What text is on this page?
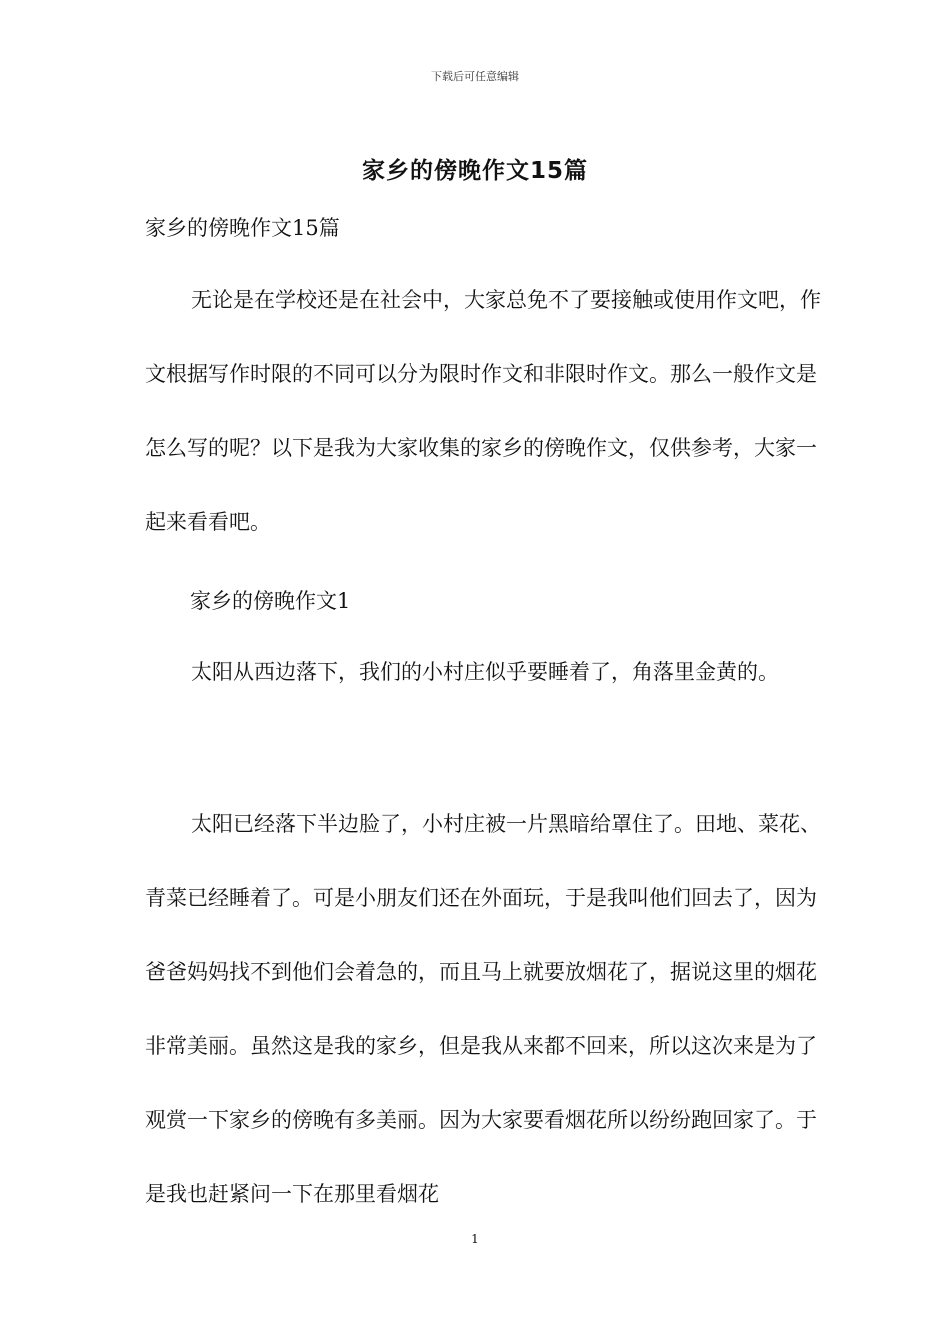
下载后可任意编辑
家乡的傍晚作文15篇
家乡的傍晚作文15篇

无论是在学校还是在社会中，大家总免不了要接触或使用作文吧，作文根据写作时限的不同可以分为限时作文和非限时作文。那么一般作文是怎么写的呢？以下是我为大家收集的家乡的傍晚作文，仅供参考，大家一起来看看吧。

家乡的傍晚作文1

太阳从西边落下，我们的小村庄似乎要睡着了，角落里金黄的。

太阳已经落下半边脸了，小村庄被一片黑暗给罩住了。田地、菜花、青菜已经睡着了。可是小朋友们还在外面玩，于是我叫他们回去了，因为爸爸妈妈找不到他们会着急的，而且马上就要放烟花了，据说这里的烟花非常美丽。虽然这是我的家乡，但是我从来都不回来，所以这次来是为了观赏一下家乡的傍晚有多美丽。因为大家要看烟花所以纷纷跑回家了。于是我也赶紧问一下在那里看烟花

1
